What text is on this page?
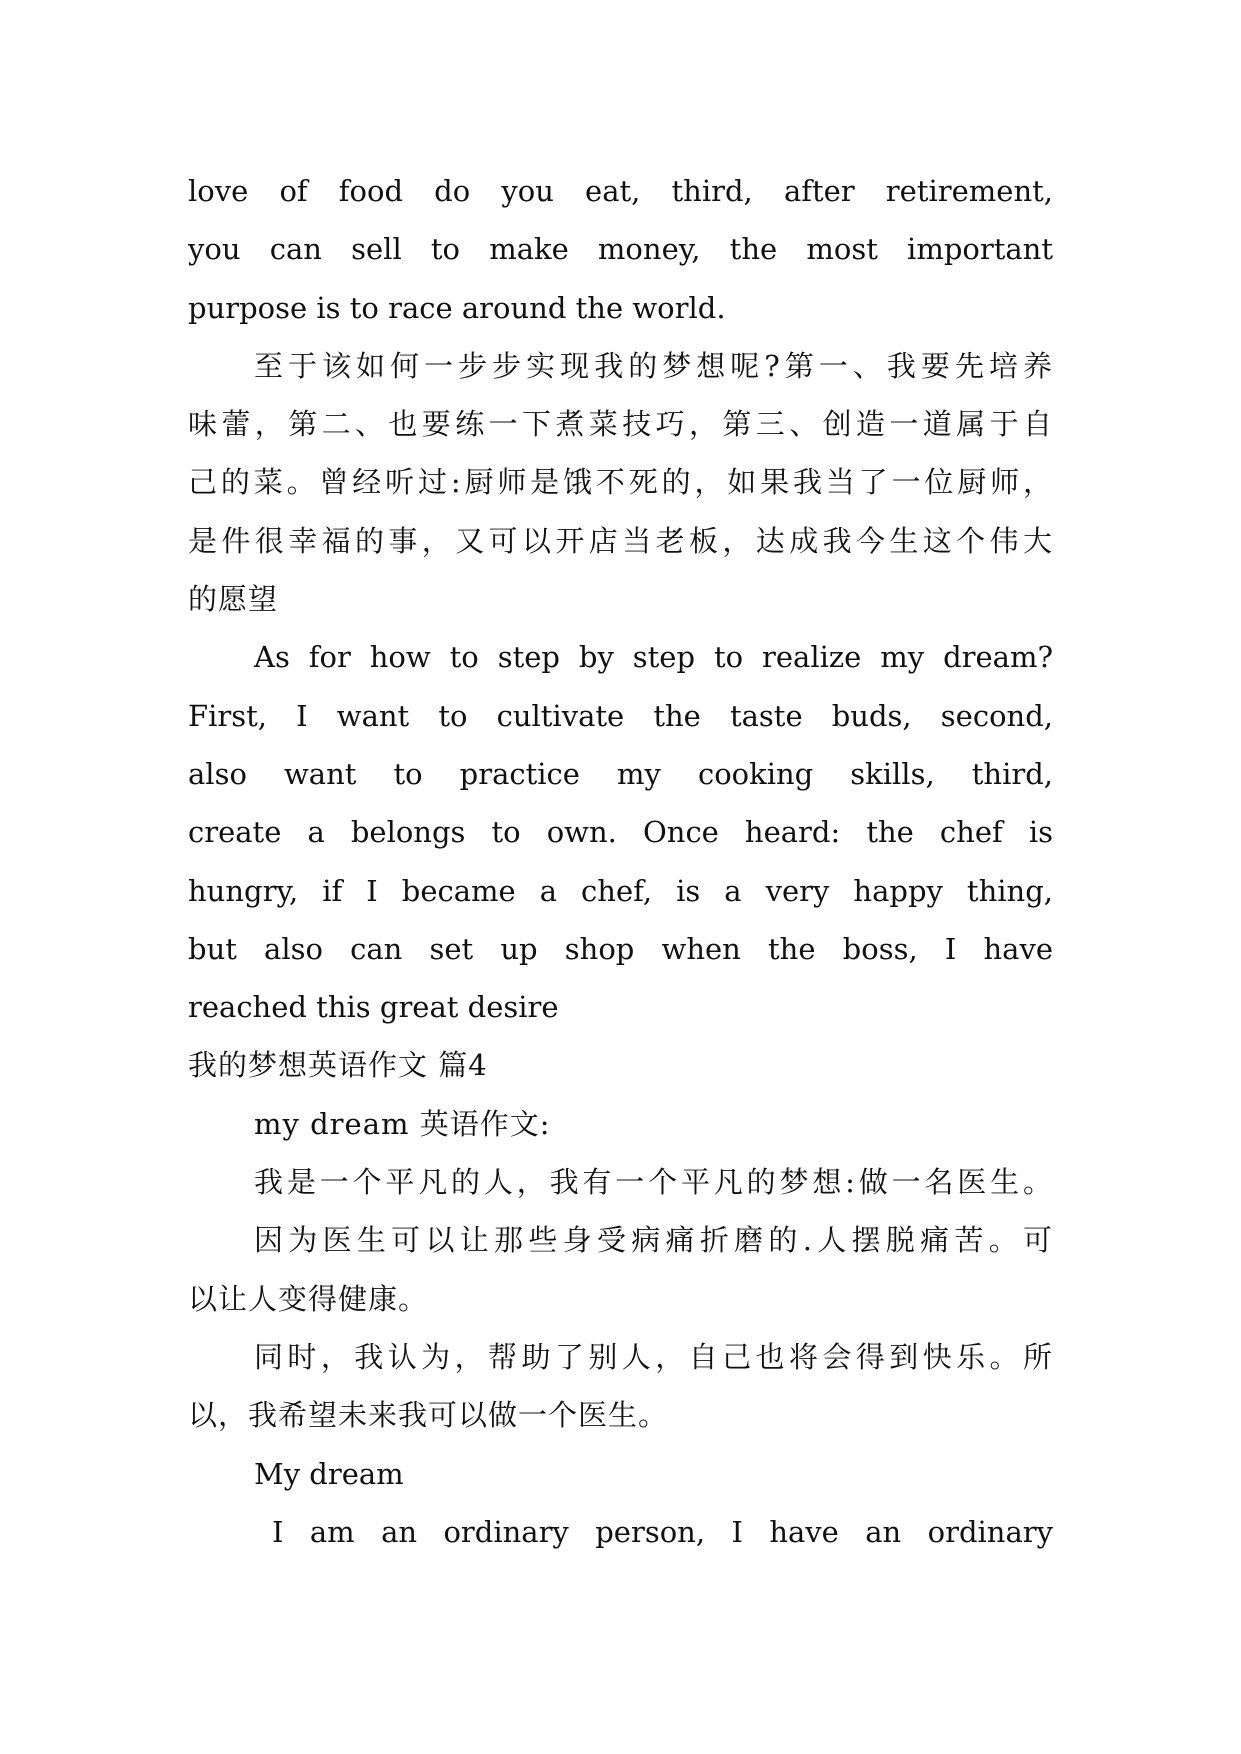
love of food do you eat, third, after retirement,
you can sell to make money, the most important
purpose is to race around the world.
至于该如何一步步实现我的梦想呢?第一、我要先培养
味蕾，第二、也要练一下煮菜技巧，第三、创造一道属于自
己的菜。曾经听过:厨师是饿不死的，如果我当了一位厨师，
是件很幸福的事，又可以开店当老板，达成我今生这个伟大
的愿望
As for how to step by step to realize my dream?
First, I want to cultivate the taste buds, second,
also want to practice my cooking skills, third,
create a belongs to own. Once heard: the chef is
hungry, if I became a chef, is a very happy thing,
but also can set up shop when the boss, I have
reached this great desire
我的梦想英语作文 篇4
my dream 英语作文:
我是一个平凡的人，我有一个平凡的梦想:做一名医生。
因为医生可以让那些身受病痛折磨的.人摆脱痛苦。可
以让人变得健康。
同时，我认为，帮助了别人，自己也将会得到快乐。所
以，我希望未来我可以做一个医生。
My dream
I am an ordinary person, I have an ordinary
